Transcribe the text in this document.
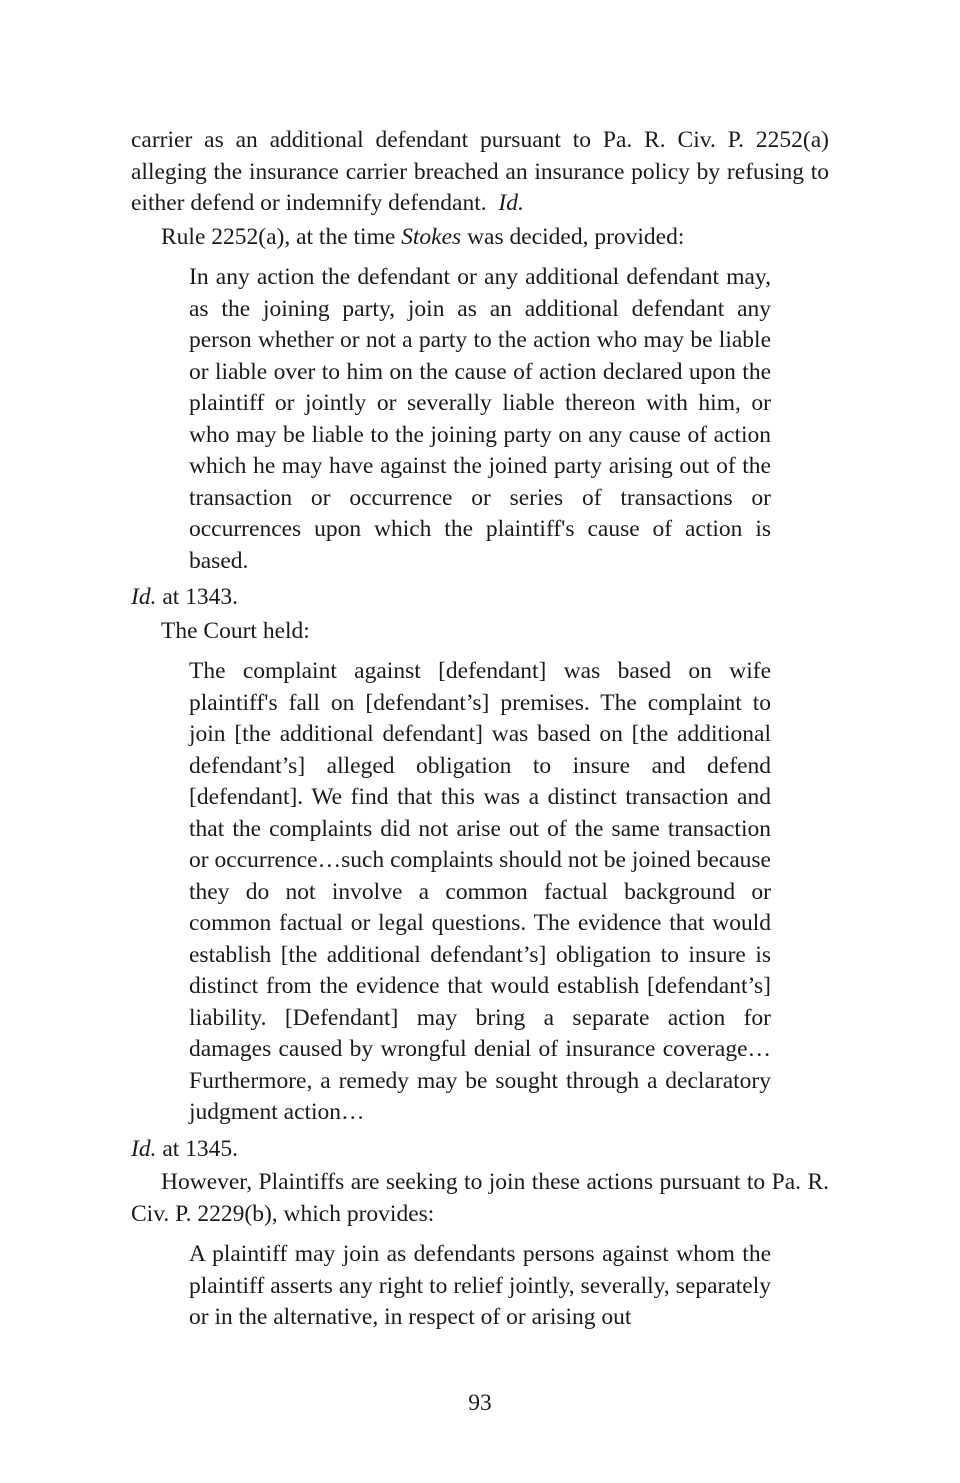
carrier as an additional defendant pursuant to Pa. R. Civ. P. 2252(a) alleging the insurance carrier breached an insurance policy by refusing to either defend or indemnify defendant. Id.

Rule 2252(a), at the time Stokes was decided, provided:

In any action the defendant or any additional defendant may, as the joining party, join as an additional defendant any person whether or not a party to the action who may be liable or liable over to him on the cause of action declared upon the plaintiff or jointly or severally liable thereon with him, or who may be liable to the joining party on any cause of action which he may have against the joined party arising out of the transaction or occurrence or series of transactions or occurrences upon which the plaintiff's cause of action is based.

Id. at 1343.

The Court held:

The complaint against [defendant] was based on wife plaintiff's fall on [defendant’s] premises. The complaint to join [the additional defendant] was based on [the additional defendant’s] alleged obligation to insure and defend [defendant]. We find that this was a distinct transaction and that the complaints did not arise out of the same transaction or occurrence…such complaints should not be joined because they do not involve a common factual background or common factual or legal questions. The evidence that would establish [the additional defendant’s] obligation to insure is distinct from the evidence that would establish [defendant’s] liability. [Defendant] may bring a separate action for damages caused by wrongful denial of insurance coverage… Furthermore, a remedy may be sought through a declaratory judgment action…

Id. at 1345.

However, Plaintiffs are seeking to join these actions pursuant to Pa. R. Civ. P. 2229(b), which provides:

A plaintiff may join as defendants persons against whom the plaintiff asserts any right to relief jointly, severally, separately or in the alternative, in respect of or arising out

93
